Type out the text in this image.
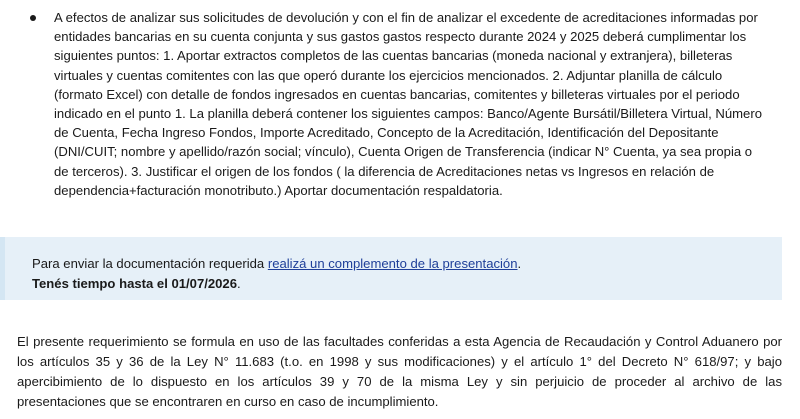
A efectos de analizar sus solicitudes de devolución y con el fin de analizar el excedente de acreditaciones informadas por
entidades bancarias en su cuenta conjunta y sus gastos gastos respecto durante 2024 y 2025 deberá cumplimentar los
siguientes puntos: 1. Aportar extractos completos de las cuentas bancarias (moneda nacional y extranjera), billeteras
virtuales y cuentas comitentes con las que operó durante los ejercicios mencionados. 2. Adjuntar planilla de cálculo
(formato Excel) con detalle de fondos ingresados en cuentas bancarias, comitentes y billeteras virtuales por el periodo
indicado en el punto 1. La planilla deberá contener los siguientes campos: Banco/Agente Bursátil/Billetera Virtual, Número
de Cuenta, Fecha Ingreso Fondos, Importe Acreditado, Concepto de la Acreditación, Identificación del Depositante
(DNI/CUIT; nombre y apellido/razón social; vínculo), Cuenta Origen de Transferencia (indicar N° Cuenta, ya sea propia o
de terceros). 3. Justificar el origen de los fondos ( la diferencia de Acreditaciones netas vs Ingresos en relación de
dependencia+facturación monotributo.) Aportar documentación respaldatoria.
Para enviar la documentación requerida realizá un complemento de la presentación.
Tenés tiempo hasta el 01/07/2026.
El presente requerimiento se formula en uso de las facultades conferidas a esta Agencia de Recaudación y Control Aduanero por
los artículos 35 y 36 de la Ley N° 11.683 (t.o. en 1998 y sus modificaciones) y el artículo 1° del Decreto N° 618/97; y bajo
apercibimiento de lo dispuesto en los artículos 39 y 70 de la misma Ley y sin perjuicio de proceder al archivo de las
presentaciones que se encontraren en curso en caso de incumplimiento.
